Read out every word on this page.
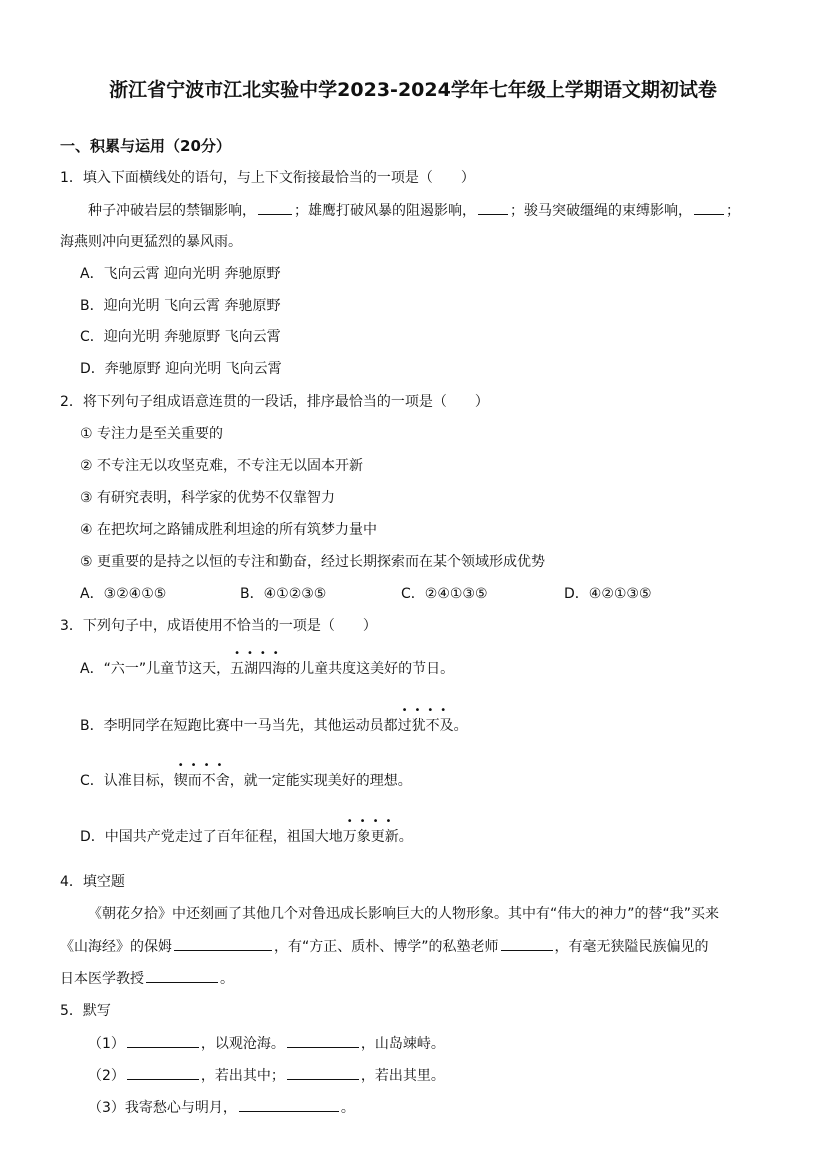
浙江省宁波市江北实验中学2023-2024学年七年级上学期语文期初试卷
一、积累与运用（20分）
1．填入下面横线处的语句，与上下文衔接最恰当的一项是（　　）
种子冲破岩层的禁锢影响，	；雄鹰打破风暴的阻遏影响， ；骏马突破缰绳的束缚影响， ；
海燕则冲向更猛烈的暴风雨。
A．飞向云霄 迎向光明 奔驰原野
B．迎向光明 飞向云霄 奔驰原野
C．迎向光明 奔驰原野 飞向云霄
D．奔驰原野 迎向光明 飞向云霄
2．将下列句子组成语意连贯的一段话，排序最恰当的一项是（　　）
① 专注力是至关重要的
② 不专注无以攻坚克难，不专注无以固本开新
③ 有研究表明，科学家的优势不仅靠智力
④ 在把坎坷之路铺成胜利坦途的所有筑梦力量中
⑤ 更重要的是持之以恒的专注和勤奋，经过长期探索而在某个领域形成优势
A．③②④①⑤	B．④①②③⑤	C．②④①③⑤	D．④②①③⑤
3．下列句子中，成语使用不恰当的一项是（　　）
A．“六一”儿童节这天，
••••
五湖四海的儿童共度这美好的节日。
B．李明同学在短跑比赛中一马当先，其他运动员都
••••
过犹不及。
C．认准目标，
••••
锲而不舍，就一定能实现美好的理想。
D．中国共产党走过了百年征程，祖国大地
••••
万象更新。
4．填空题
《朝花夕拾》中还刻画了其他几个对鲁迅成长影响巨大的人物形象。其中有“伟大的神力”的替“我”买来
《山海经》的保姆	，有“方正、质朴、博学”的私塾老师	，有毫无狭隘民族偏见的
日本医学教授	。
5．默写
（1）	，以观沧海。	，山岛竦峙。
（2）	，若出其中；	，若出其里。
（3）我寄愁心与明月，	。
